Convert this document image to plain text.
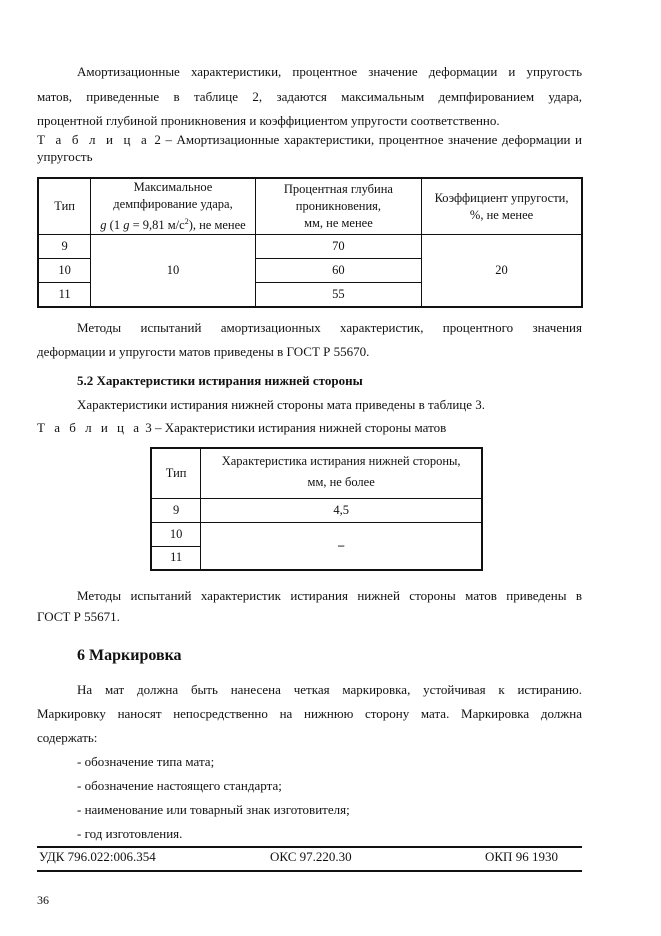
Амортизационные характеристики, процентное значение деформации и упругость
матов, приведенные в таблице 2, задаются максимальным демпфированием удара,
процентной глубиной проникновения и коэффициентом упругости соответственно.
Т а б л и ц а 2 – Амортизационные характеристики, процентное значение деформации и
упругость
Тип	Максимальное
демпфирование удара,
g (1 g = 9,81 $м/с^2$), не менее	Процентная глубина
проникновения,
мм, не менее	Коэффициент упругости,
%, не менее
9	10	70	20
10		60	
11		55	
Методы испытаний амортизационных характеристик, процентного значения
деформации и упругости матов приведены в ГОСТ Р 55670.
5.2 Характеристики истирания нижней стороны
Характеристики истирания нижней стороны мата приведены в таблице 3.
Т а б л и ц а 3 – Характеристики истирания нижней стороны матов
Тип	Характеристика истирания нижней стороны,
мм, не более
9	4,5
10	–
11	
Методы испытаний характеристик истирания нижней стороны матов приведены в
ГОСТ Р 55671.
6 Маркировка
На мат должна быть нанесена четкая маркировка, устойчивая к истиранию.
Маркировку наносят непосредственно на нижнюю сторону мата. Маркировка должна
содержать:
- обозначение типа мата;
- обозначение настоящего стандарта;
- наименование или товарный знак изготовителя;
- год изготовления.
УДК 796.022:006.354	ОКС 97.220.30	ОКП 96 1930
36
